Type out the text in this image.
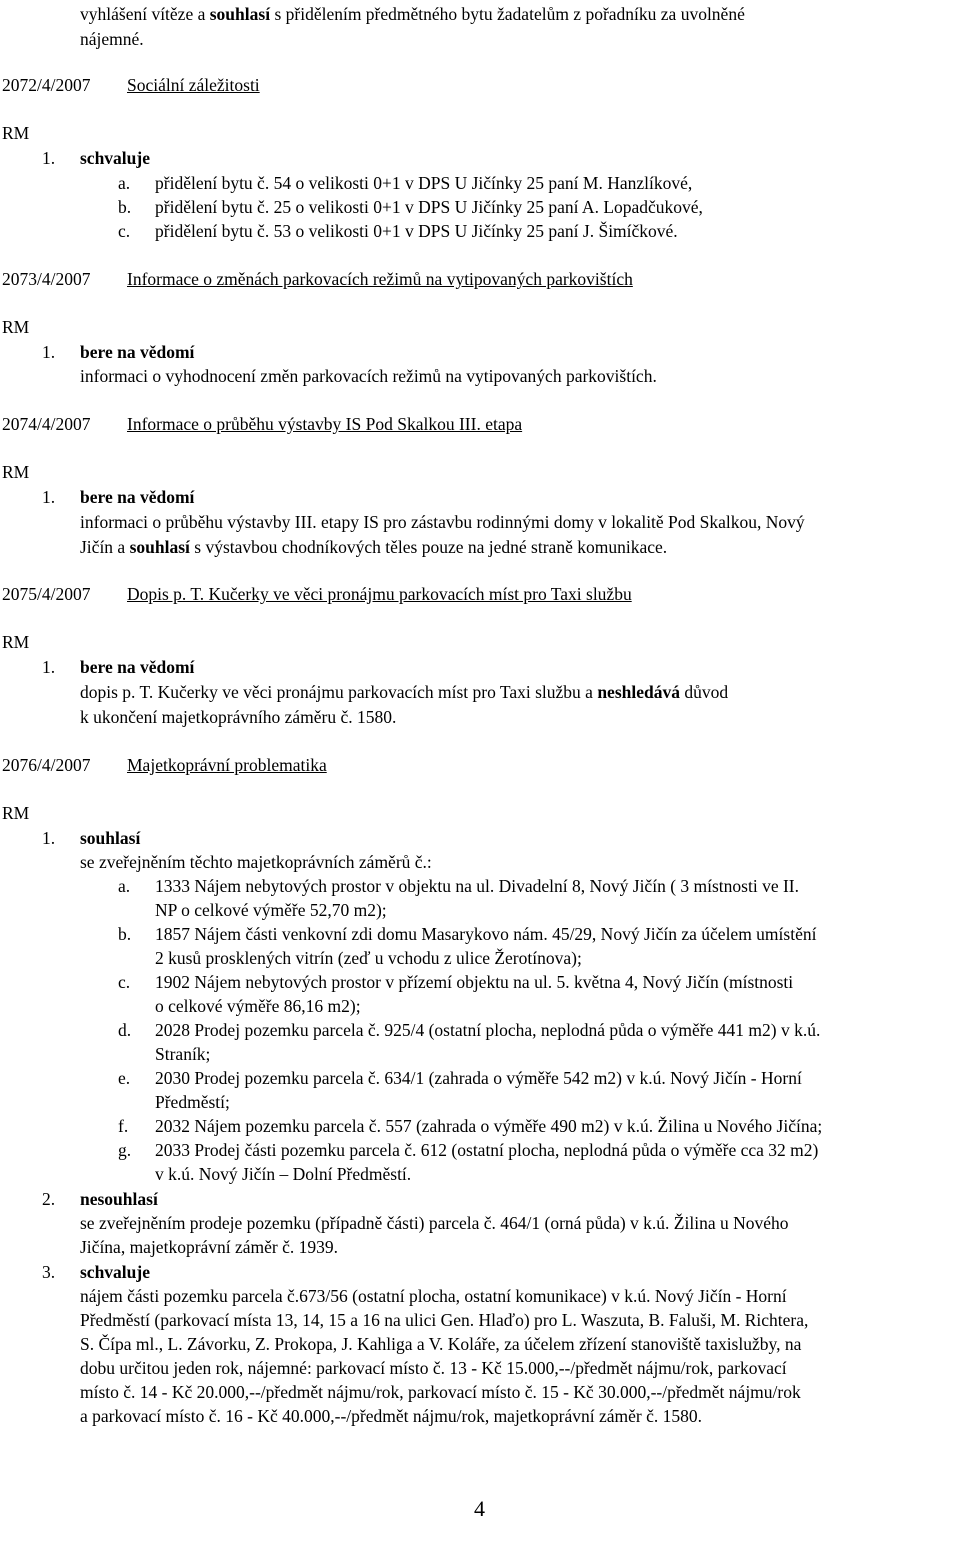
vyhlášení vítěze a souhlasí s přidělením předmětného bytu žadatelům z pořadníku za uvolněné
nájemné.
2072/4/2007 Sociální záležitosti
RM
1. schvaluje
a. přidělení bytu č. 54 o velikosti 0+1 v DPS U Jičínky 25 paní M. Hanzlíkové,
b. přidělení bytu č. 25 o velikosti 0+1 v DPS U Jičínky 25 paní A. Lopadčukové,
c. přidělení bytu č. 53 o velikosti 0+1 v DPS U Jičínky 25 paní J. Šimíčkové.
2073/4/2007 Informace o změnách parkovacích režimů na vytipovaných parkovištích
RM
1. bere na vědomí
informaci o vyhodnocení změn parkovacích režimů na vytipovaných parkovištích.
2074/4/2007 Informace o průběhu výstavby IS Pod Skalkou III. etapa
RM
1. bere na vědomí
informaci o průběhu výstavby III. etapy IS pro zástavbu rodinnými domy v lokalitě Pod Skalkou, Nový
Jičín a souhlasí s výstavbou chodníkových těles pouze na jedné straně komunikace.
2075/4/2007 Dopis p. T. Kučerky ve věci pronájmu parkovacích míst pro Taxi službu
RM
1. bere na vědomí
dopis p. T. Kučerky ve věci pronájmu parkovacích míst pro Taxi službu a neshledává důvod
k ukončení majetkoprávního záměru č. 1580.
2076/4/2007 Majetkoprávní problematika
RM
1. souhlasí
se zveřejněním těchto majetkoprávních záměrů č.:
a. 1333 Nájem nebytových prostor v objektu na ul. Divadelní 8, Nový Jičín ( 3 místnosti ve II.
NP o celkové výměře 52,70 m2);
b. 1857 Nájem části venkovní zdi domu Masarykovo nám. 45/29, Nový Jičín za účelem umístění
2 kusů prosklených vitrín (zeď u vchodu z ulice Žerotínova);
c. 1902 Nájem nebytových prostor v přízemí objektu na ul. 5. května 4, Nový Jičín (místnosti
o celkové výměře 86,16 m2);
d. 2028 Prodej pozemku parcela č. 925/4 (ostatní plocha, neplodná půda o výměře 441 m2) v k.ú.
Straník;
e. 2030 Prodej pozemku parcela č. 634/1 (zahrada o výměře 542 m2) v k.ú. Nový Jičín - Horní
Předměstí;
f. 2032 Nájem pozemku parcela č. 557 (zahrada o výměře 490 m2) v k.ú. Žilina u Nového Jičína;
g. 2033 Prodej části pozemku parcela č. 612 (ostatní plocha, neplodná půda o výměře cca 32 m2)
v k.ú. Nový Jičín – Dolní Předměstí.
2. nesouhlasí
se zveřejněním prodeje pozemku (případně části) parcela č. 464/1 (orná půda) v k.ú. Žilina u Nového
Jičína, majetkoprávní záměr č. 1939.
3. schvaluje
nájem části pozemku parcela č.673/56 (ostatní plocha, ostatní komunikace) v k.ú. Nový Jičín - Horní
Předměstí (parkovací místa 13, 14, 15 a 16 na ulici Gen. Hlaďo) pro L. Waszuta, B. Faluši, M. Richtera,
S. Čípa ml., L. Závorku, Z. Prokopa, J. Kahliga a V. Koláře, za účelem zřízení stanoviště taxislužby, na
dobu určitou jeden rok, nájemné: parkovací místo č. 13 - Kč 15.000,--/předmět nájmu/rok, parkovací
místo č. 14 - Kč 20.000,--/předmět nájmu/rok, parkovací místo č. 15 - Kč 30.000,--/předmět nájmu/rok
a parkovací místo č. 16 - Kč 40.000,--/předmět nájmu/rok, majetkoprávní záměr č. 1580.
4
